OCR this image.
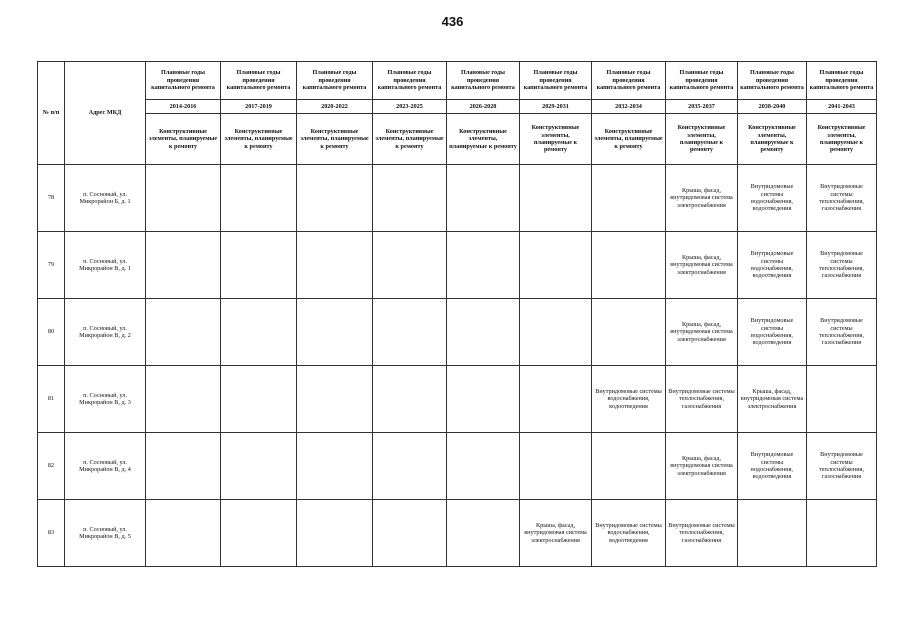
436
№ п/п	Адрес МКД	Плановые годы проведения капитального ремонта	Плановые годы проведения капитального ремонта	Плановые годы проведения капитального ремонта	Плановые годы проведения капитального ремонта	Плановые годы проведения капитального ремонта	Плановые годы проведения капитального ремонта	Плановые годы проведения капитального ремонта	Плановые годы проведения капитального ремонта	Плановые годы проведения капитального ремонта	Плановые годы проведения капитального ремонта
		2014-2016	2017-2019	2020-2022	2023-2025	2026-2028	2029-2031	2032-2034	2035-2037	2038-2040	2041-2043
		Конструктивные элементы, планируемые к ремонту	Конструктивные элементы, планируемые к ремонту	Конструктивные элементы, планируемые к ремонту	Конструктивные элементы, планируемые к ремонту	Конструктивные элементы, планируемые к ремонту	Конструктивные элементы, планируемые к ремонту	Конструктивные элементы, планируемые к ремонту	Конструктивные элементы, планируемые к ремонту	Конструктивные элементы, планируемые к ремонту	Конструктивные элементы, планируемые к ремонту
78	п. Сосновый, ул. Микрорайон Б, д. 1								Крыша, фасад, внутридомовая система электроснабжения	Внутридомовые системы водоснабжения, водоотведения	Внутридомовые системы теплоснабжения, газоснабжения
79	п. Сосновый, ул. Микрорайон В, д. 1								Крыша, фасад, внутридомовая система электроснабжения	Внутридомовые системы водоснабжения, водоотведения	Внутридомовые системы теплоснабжения, газоснабжения
80	п. Сосновый, ул. Микрорайон В, д. 2								Крыша, фасад, внутридомовая система электроснабжения	Внутридомовые системы водоснабжения, водоотведения	Внутридомовые системы теплоснабжения, газоснабжения
81	п. Сосновый, ул. Микрорайон В, д. 3							Внутридомовые системы водоснабжения, водоотведения	Внутридомовые системы теплоснабжения, газоснабжения	Крыша, фасад, внутридомовая система электроснабжения	
82	п. Сосновый, ул. Микрорайон В, д. 4								Крыша, фасад, внутридомовая система электроснабжения	Внутридомовые системы водоснабжения, водоотведения	Внутридомовые системы теплоснабжения, газоснабжения
83	п. Сосновый, ул. Микрорайон В, д. 5						Крыша, фасад, внутридомовая система электроснабжения	Внутридомовые системы водоснабжения, водоотведения	Внутридомовые системы теплоснабжения, газоснабжения		
